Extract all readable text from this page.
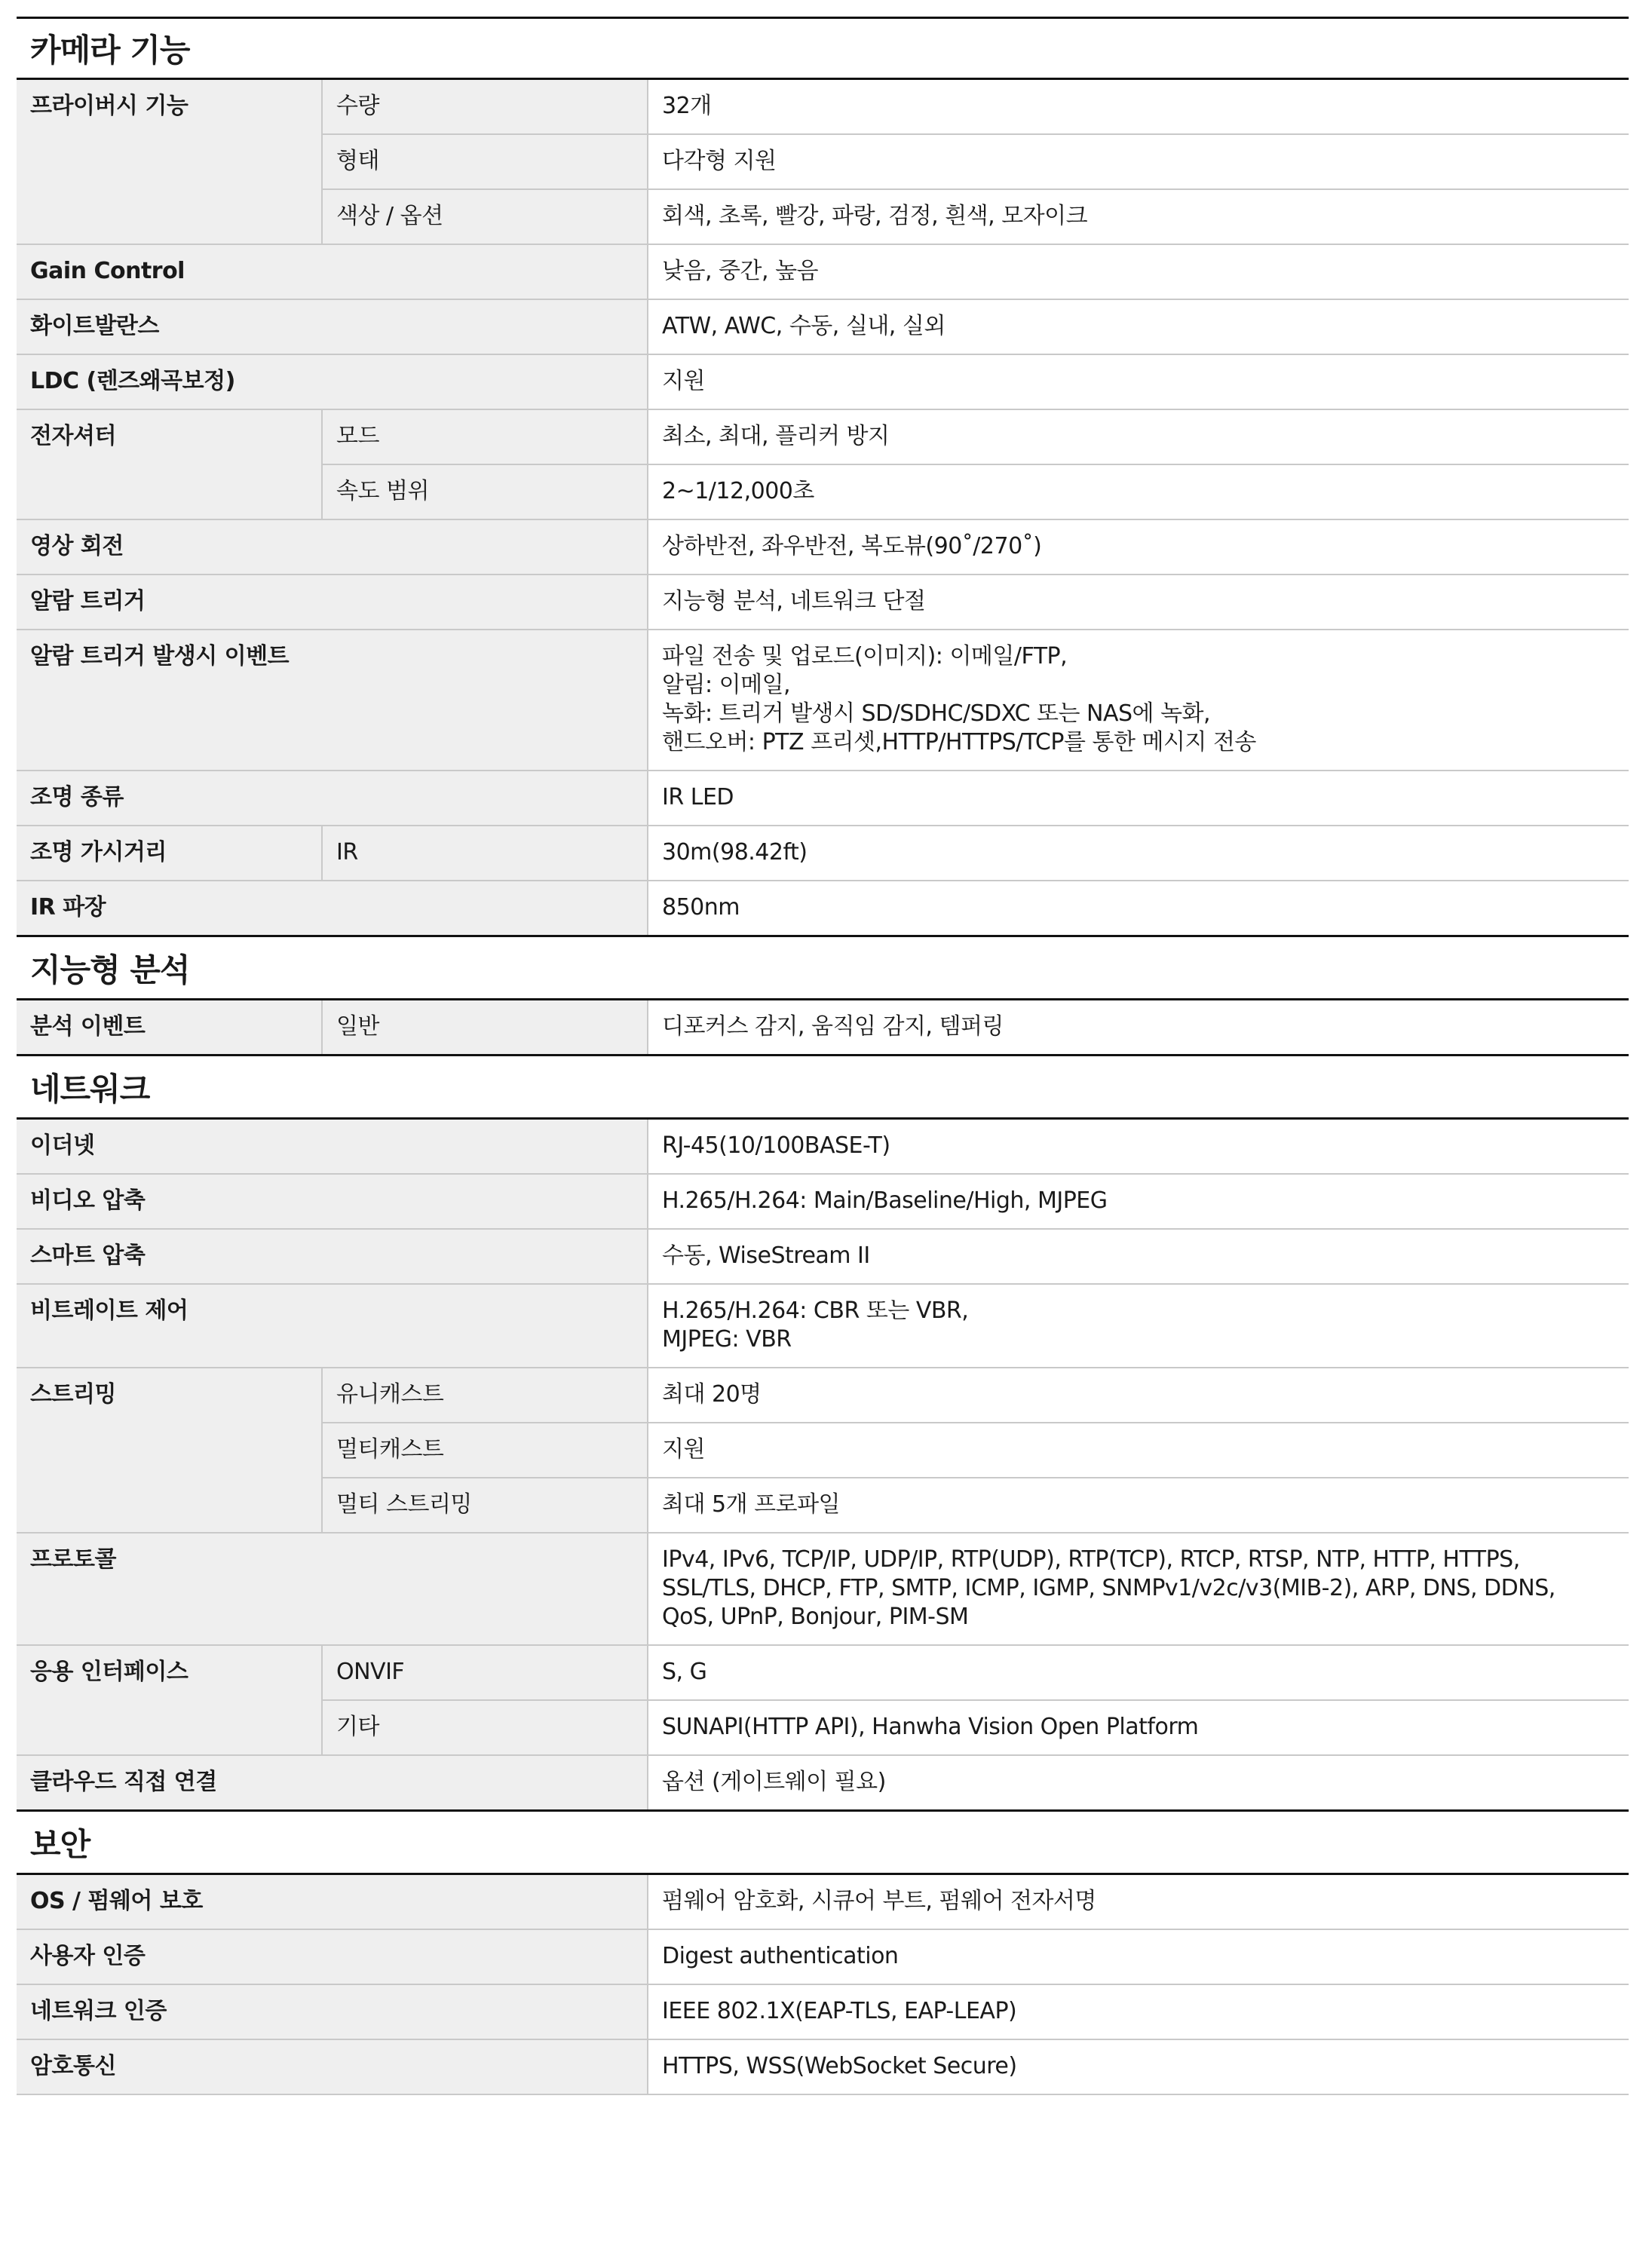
카메라 기능
프라이버시 기능	수량	32개
	형태	다각형 지원
	색상 / 옵션	회색, 초록, 빨강, 파랑, 검정, 흰색, 모자이크
Gain Control		낮음, 중간, 높음
화이트발란스		ATW, AWC, 수동, 실내, 실외
LDC (렌즈왜곡보정)		지원
전자셔터	모드	최소, 최대, 플리커 방지
	속도 범위	2~1/12,000초
영상 회전		상하반전, 좌우반전, 복도뷰(90˚/270˚)
알람 트리거		지능형 분석, 네트워크 단절
알람 트리거 발생시 이벤트		파일 전송 및 업로드(이미지): 이메일/FTP,
알림: 이메일,
녹화: 트리거 발생시 SD/SDHC/SDXC 또는 NAS에 녹화,
핸드오버: PTZ 프리셋,HTTP/HTTPS/TCP를 통한 메시지 전송

조명 종류		IR LED
조명 가시거리	IR	30m(98.42ft)
IR 파장		850nm
지능형 분석
분석 이벤트	일반	디포커스 감지, 움직임 감지, 템퍼링
네트워크
이더넷		RJ-45(10/100BASE-T)
비디오 압축		H.265/H.264: Main/Baseline/High, MJPEG
스마트 압축		수동, WiseStream II
비트레이트 제어		H.265/H.264: CBR 또는 VBR,
MJPEG: VBR

스트리밍	유니캐스트	최대 20명
	멀티캐스트	지원
	멀티 스트리밍	최대 5개 프로파일
프로토콜		IPv4, IPv6, TCP/IP, UDP/IP, RTP(UDP), RTP(TCP), RTCP, RTSP, NTP, HTTP, HTTPS,
SSL/TLS, DHCP, FTP, SMTP, ICMP, IGMP, SNMPv1/v2c/v3(MIB-2), ARP, DNS, DDNS,
QoS, UPnP, Bonjour, PIM-SM

응용 인터페이스	ONVIF	S, G
	기타	SUNAPI(HTTP API), Hanwha Vision Open Platform
클라우드 직접 연결		옵션 (게이트웨이 필요)
보안
OS / 펌웨어 보호	펌웨어 암호화, 시큐어 부트, 펌웨어 전자서명
사용자 인증	Digest authentication
네트워크 인증	IEEE 802.1X(EAP-TLS, EAP-LEAP)
암호통신	HTTPS, WSS(WebSocket Secure)
